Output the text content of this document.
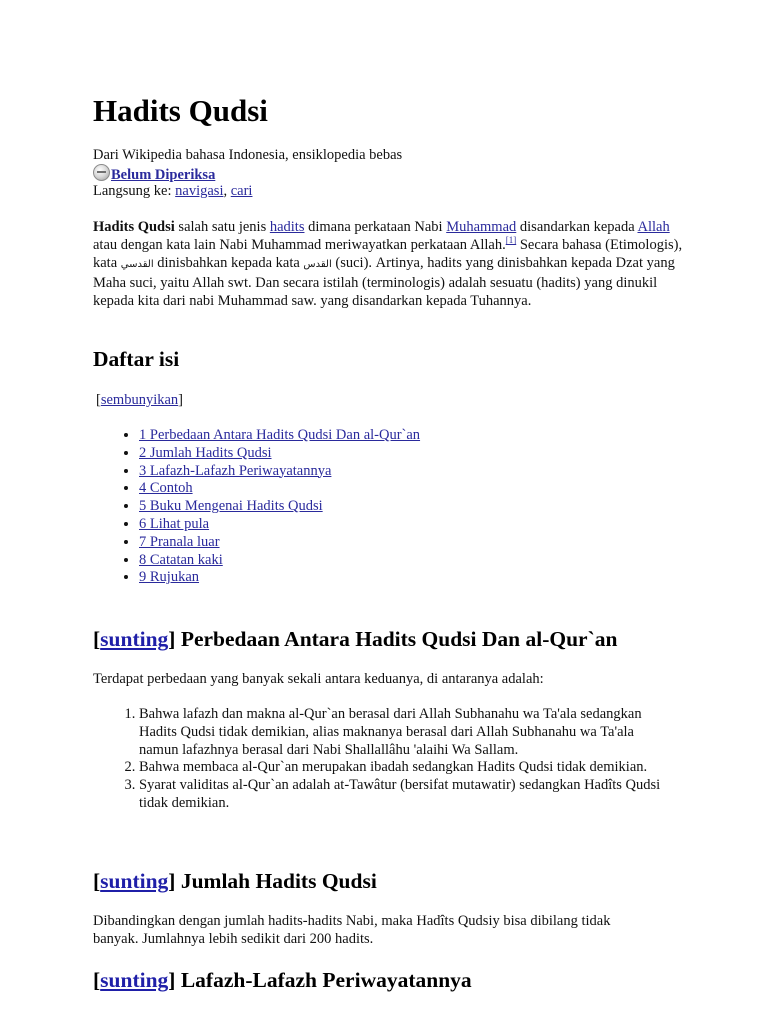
Hadits Qudsi
Dari Wikipedia bahasa Indonesia, ensiklopedia bebas
Belum Diperiksa
Langsung ke: navigasi, cari

Hadits Qudsi salah satu jenis hadits dimana perkataan Nabi Muhammad disandarkan kepada Allah atau dengan kata lain Nabi Muhammad meriwayatkan perkataan Allah.[1] Secara bahasa (Etimologis), kata القدسي dinisbahkan kepada kata القدس (suci). Artinya, hadits yang dinisbahkan kepada Dzat yang Maha suci, yaitu Allah swt. Dan secara istilah (terminologis) adalah sesuatu (hadits) yang dinukil kepada kita dari nabi Muhammad saw. yang disandarkan kepada Tuhannya.

Daftar isi
[sembunyikan]
• 1 Perbedaan Antara Hadits Qudsi Dan al-Qur`an
• 2 Jumlah Hadits Qudsi
• 3 Lafazh-Lafazh Periwayatannya
• 4 Contoh
• 5 Buku Mengenai Hadits Qudsi
• 6 Lihat pula
• 7 Pranala luar
• 8 Catatan kaki
• 9 Rujukan
[sunting] Perbedaan Antara Hadits Qudsi Dan al-Qur`an

Terdapat perbedaan yang banyak sekali antara keduanya, di antaranya adalah:

1. Bahwa lafazh dan makna al-Qur`an berasal dari Allah Subhanahu wa Ta'ala sedangkan Hadits Qudsi tidak demikian, alias maknanya berasal dari Allah Subhanahu wa Ta'ala namun lafazhnya berasal dari Nabi Shallallâhu 'alaihi Wa Sallam.
2. Bahwa membaca al-Qur`an merupakan ibadah sedangkan Hadits Qudsi tidak demikian.
3. Syarat validitas al-Qur`an adalah at-Tawâtur (bersifat mutawatir) sedangkan Hadîts Qudsi tidak demikian.
[sunting] Jumlah Hadits Qudsi

Dibandingkan dengan jumlah hadits-hadits Nabi, maka Hadîts Qudsiy bisa dibilang tidak banyak. Jumlahnya lebih sedikit dari 200 hadits.

[sunting] Lafazh-Lafazh Periwayatannya
